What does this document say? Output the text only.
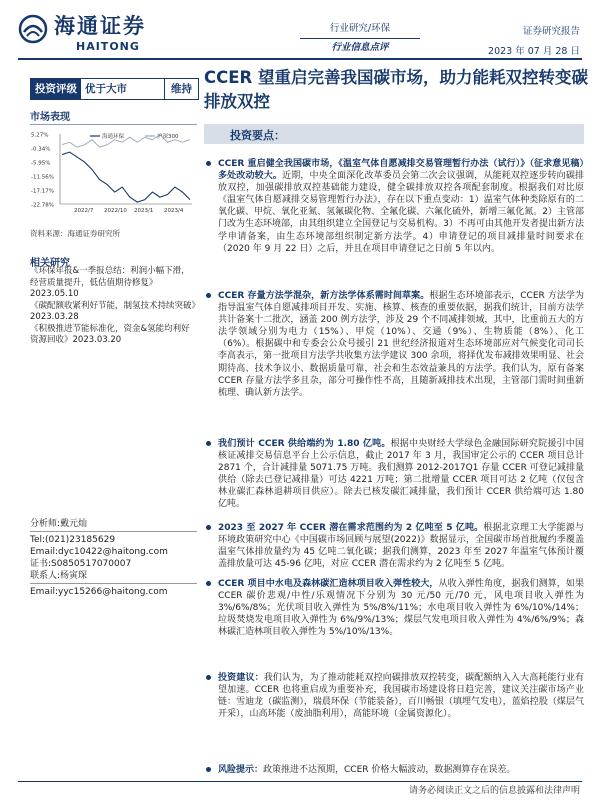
海通证券
HAITONG
行业研究/环保
行业信息点评
证券研究报告
2023 年 07 月 28 日
投资评级 优于大市	维持
CCER 望重启完善我国碳市场，助力能耗双控转变碳排放双控
市场表现
5.27%
-0.34%
-5.95%
-11.56%
-17.17%
-22.78%
2022/7 2022/10 2023/1 2023/4
海通环保	沪深300
资料来源：海通证券研究所
相关研究

《环保年报&一季报总结：利润小幅下滑，经营质量提升，低估值期待修复》

2023.05.10

《碳配额收紧利好节能，制氢技术持续突破》2023.03.28

《积极推进节能标准化，资金&氢能均利好资源回收》2023.03.20

分析师:戴元灿
Tel:(021)23185629
Email:dyc10422@haitong.com
证书:S0850517070007
联系人:杨寅琛
Email:yyc15266@haitong.com
投资要点：
CCER 重启健全我国碳市场，《温室气体自愿减排交易管理暂行办法（试行）》（征求意见稿）多处改动较大。近期，中央全面深化改革委员会第二次会议强调，从能耗双控逐步转向碳排放双控，加强碳排放双控基础能力建设，健全碳排放双控各项配套制度。根据我们对比原《温室气体自愿减排交易管理暂行办法》，存在以下重点变动：1）温室气体种类除原有的二氧化碳、甲烷、氧化亚氮、氢氟碳化物、全氟化碳、六氟化硫外，新增三氟化氮。2）主管部门改为生态环境部，由其组织建立全国登记与交易机构。3）不再可由其他开发者提出新方法学申请备案，由生态环境部组织制定新方法学。4）申请登记的项目减排量时间要求在（2020 年 9 月 22 日）之后，并且在项目申请登记之日前 5 年以内。
CCER 存量方法学混杂，新方法学体系需时间草案。根据生态环境部表示，CCER 方法学为指导温室气体自愿减排项目开发、实施、核算、核查的重要依据，据我们统计，目前方法学共计备案十二批次，涵盖 200 例方法学，涉及 29 个不同减排领域，其中，比重前五大的方法学领域分别为电力（15%）、甲烷（10%）、交通（9%）、生物质能（8%）、化工（6%）。根据碳中和专委会公众号援引 21 世纪经济报道对生态环境部应对气候变化司司长李高表示，第一批项目方法学共收集方法学建议 300 余项，将择优发布减排效果明显、社会期待高、技术争议小、数据质量可靠，社会和生态效益兼具的方法学。我们认为，原有备案 CCER 存量方法学多且杂，部分可操作性不高，且随新减排技术出现，主管部门需时间重新梳理、确认新方法学。
我们预计 CCER 供给端约为 1.80 亿吨。根据中央财经大学绿色金融国际研究院援引中国核证减排交易信息平台上公示信息，截止 2017 年 3 月，我国审定公示的 CCER 项目总计 2871 个，合计减排量 5071.75 万吨。我们测算 2012-2017Q1 存量 CCER 可登记减排量供给（除去已登记减排量）可达 4221 万吨；第二批增量 CCER 项目可达 2 亿吨（仅包含林业碳汇森林退耕项目供应）。除去已核发碳汇减排量，我们预计 CCER 供给端可达 1.80 亿吨。
2023 至 2027 年 CCER 潜在需求范围约为 2 亿吨至 5 亿吨。根据北京理工大学能源与环境政策研究中心《中国碳市场回顾与展望(2022)》数据显示，全国碳市场首批履约季覆盖温室气体排放量约为 45 亿吨二氧化碳；据我们测算，2023 年至 2027 年温室气体预计覆盖排放量可达 45-96 亿吨，对应 CCER 潜在需求约为 2 亿吨至 5 亿吨。
CCER 项目中水电及森林碳汇造林项目收入弹性较大，从收入弹性角度，据我们测算，如果 CCER 碳价悲观/中性/乐观情况下分别为 30 元/50 元/70 元，风电项目收入弹性为 3%/6%/8%；光伏项目收入弹性为 5%/8%/11%；水电项目收入弹性为 6%/10%/14%；垃圾焚烧发电项目收入弹性为 6%/9%/13%；煤层气发电项目收入弹性为 4%/6%/9%；森林碳汇造林项目收入弹性为 5%/10%/13%。
投资建议：我们认为，为了推动能耗双控向碳排放双控转变，碳配额纳入入大高耗能行业有望加速。CCER 也将重启成为重要补充，我国碳市场建设将日趋完善，建议关注碳市场产业链：雪迪龙（碳监测），瑞晨环保（节能装备），百川畅银（填埋气发电），蓝焰控股（煤层气开采），山高环能（废油脂利用），高能环境（金属资源化）。
风险提示：政策推进不达预期，CCER 价格大幅波动，数据测算存在误差。
请务必阅读正文之后的信息披露和法律声明
